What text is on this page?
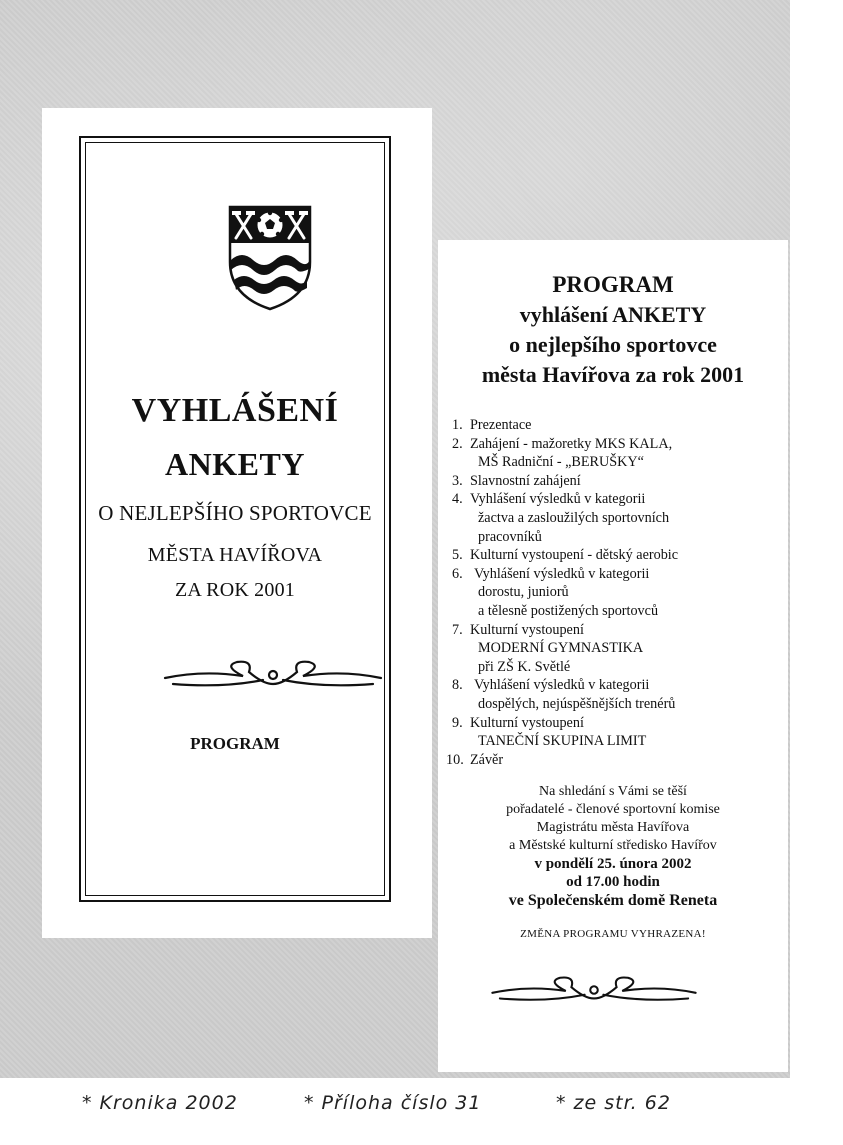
VYHLÁŠENÍ
ANKETY
O NEJLEPŠÍHO SPORTOVCE
MĚSTA HAVÍŘOVA
ZA ROK 2001
PROGRAM
PROGRAM
vyhlášení ANKETY
o nejlepšího sportovce
města Havířova za rok 2001
1. Prezentace
2. Zahájení - mažoretky MKS KALA,
MŠ Radniční - „BERUŠKY“
3. Slavnostní zahájení
4. Vyhlášení výsledků v kategorii
žactva a zasloužilých sportovních
pracovníků
5. Kulturní vystoupení - dětský aerobic
6. Vyhlášení výsledků v kategorii
dorostu, juniorů
a tělesně postižených sportovců
7. Kulturní vystoupení
MODERNÍ GYMNASTIKA
při ZŠ K. Světlé
8. Vyhlášení výsledků v kategorii
dospělých, nejúspěšnějších trenérů
9. Kulturní vystoupení
TANEČNÍ SKUPINA LIMIT
10. Závěr
Na shledání s Vámi se těší
pořadatelé - členové sportovní komise
Magistrátu města Havířova
a Městské kulturní středisko Havířov
v pondělí 25. února 2002
od 17.00 hodin
ve Společenském domě Reneta
ZMĚNA PROGRAMU VYHRAZENA!
* Kronika 2002	* Příloha číslo 31	* ze str. 62
